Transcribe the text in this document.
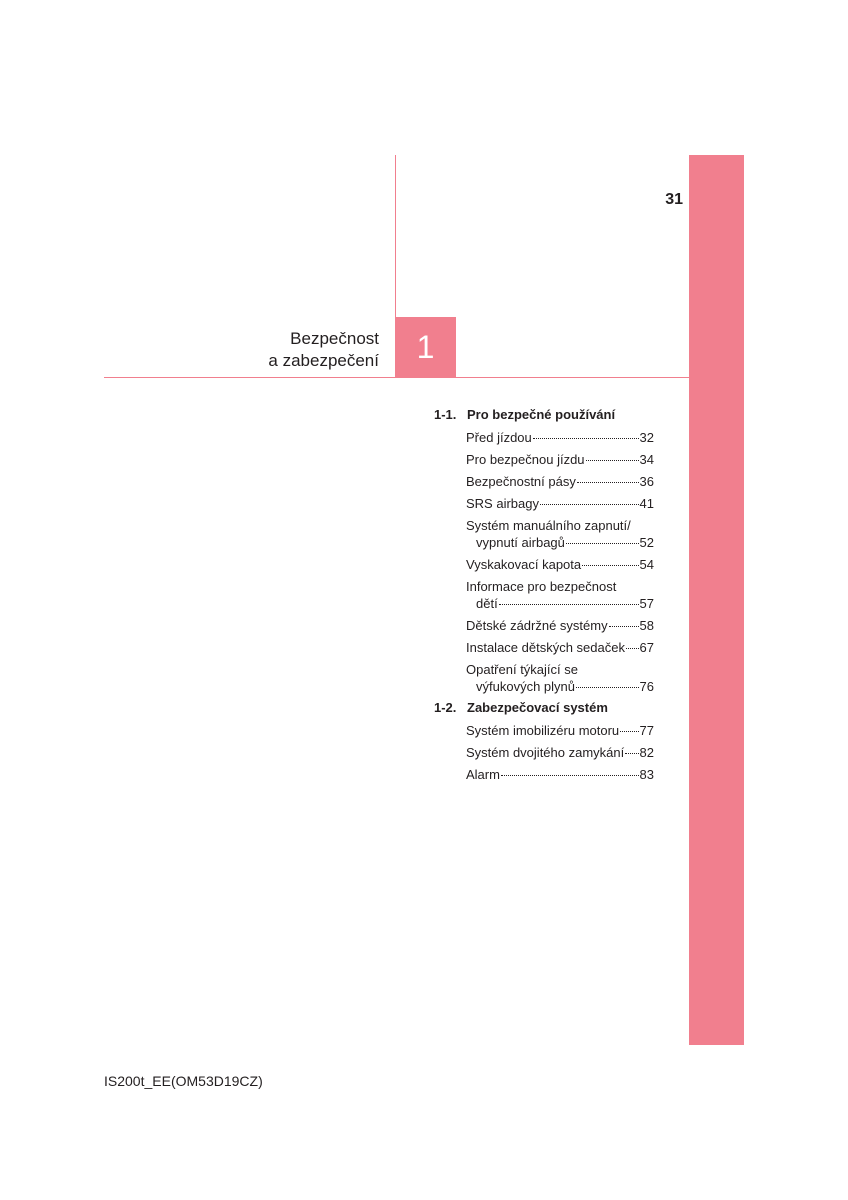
31
Bezpečnost
a zabezpečení	1
1-1. Pro bezpečné používání
Před jízdou	32
Pro bezpečnou jízdu	34
Bezpečnostní pásy	36
SRS airbagy	41
Systém manuálního zapnutí/
vypnutí airbagů	52
Vyskakovací kapota	54
Informace pro bezpečnost
dětí	57
Dětské zádržné systémy 58
Instalace dětských sedaček 67
Opatření týkající se
výfukových plynů	76
1-2. Zabezpečovací systém
Systém imobilizéru motoru 77
Systém dvojitého zamykání 82
Alarm	83
IS200t_EE(OM53D19CZ)
